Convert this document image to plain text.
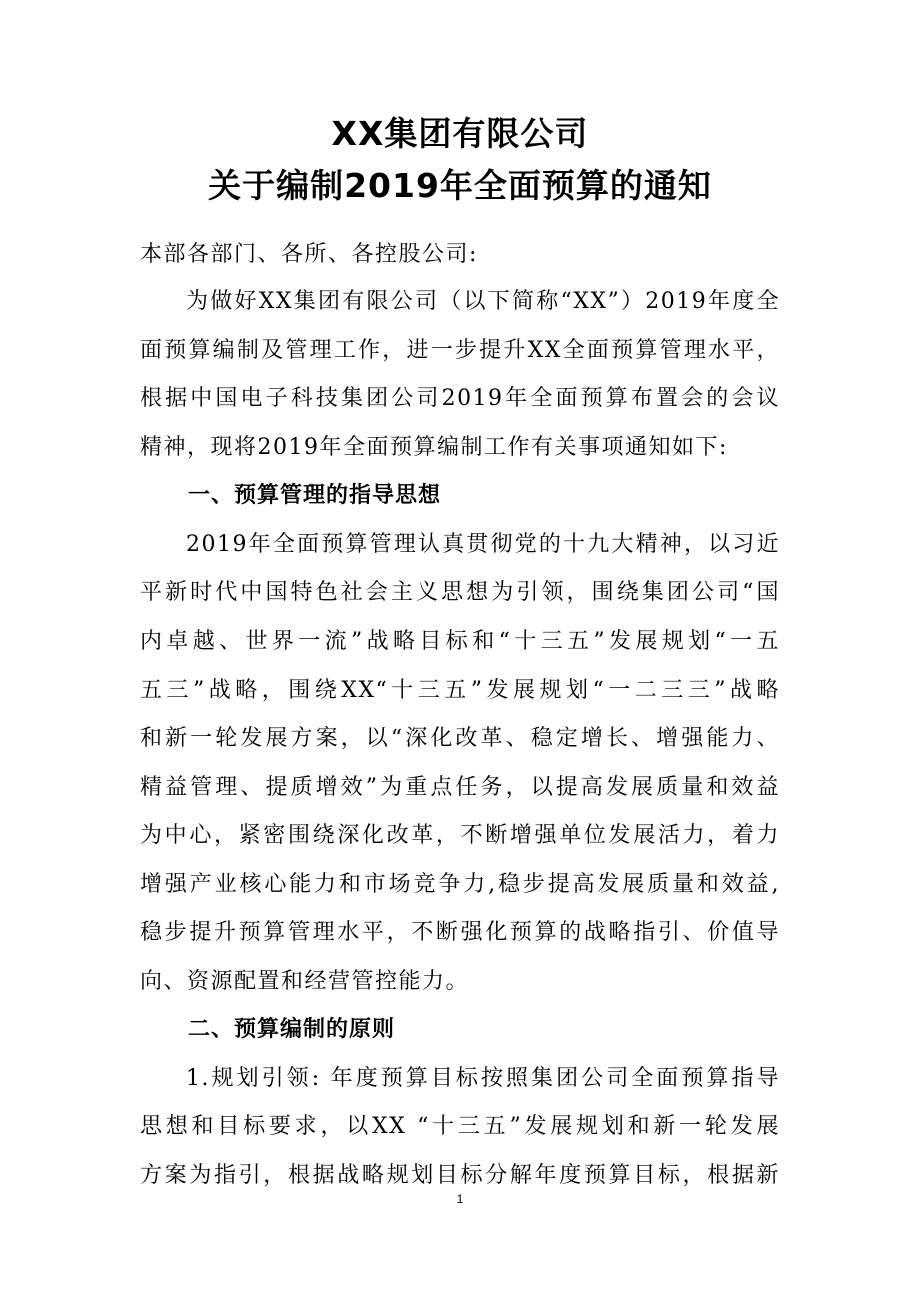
XX集团有限公司
关于编制2019年全面预算的通知
本部各部门、各所、各控股公司:
为做好XX集团有限公司（以下简称“XX”）2019年度全
面预算编制及管理工作，进一步提升XX全面预算管理水平，
根据中国电子科技集团公司2019年全面预算布置会的会议
精神，现将2019年全面预算编制工作有关事项通知如下:
一、预算管理的指导思想
2019年全面预算管理认真贯彻党的十九大精神，以习近
平新时代中国特色社会主义思想为引领，围绕集团公司“国
内卓越、世界一流”战略目标和“十三五”发展规划“一五
五三”战略，围绕XX“十三五”发展规划“一二三三”战略
和新一轮发展方案，以“深化改革、稳定增长、增强能力、
精益管理、提质增效”为重点任务，以提高发展质量和效益
为中心，紧密围绕深化改革，不断增强单位发展活力，着力
增强产业核心能力和市场竞争力,稳步提高发展质量和效益,
稳步提升预算管理水平，不断强化预算的战略指引、价值导
向、资源配置和经营管控能力。
二、预算编制的原则
1.规划引领: 年度预算目标按照集团公司全面预算指导
思想和目标要求，以XX “十三五”发展规划和新一轮发展
方案为指引，根据战略规划目标分解年度预算目标，根据新
1
